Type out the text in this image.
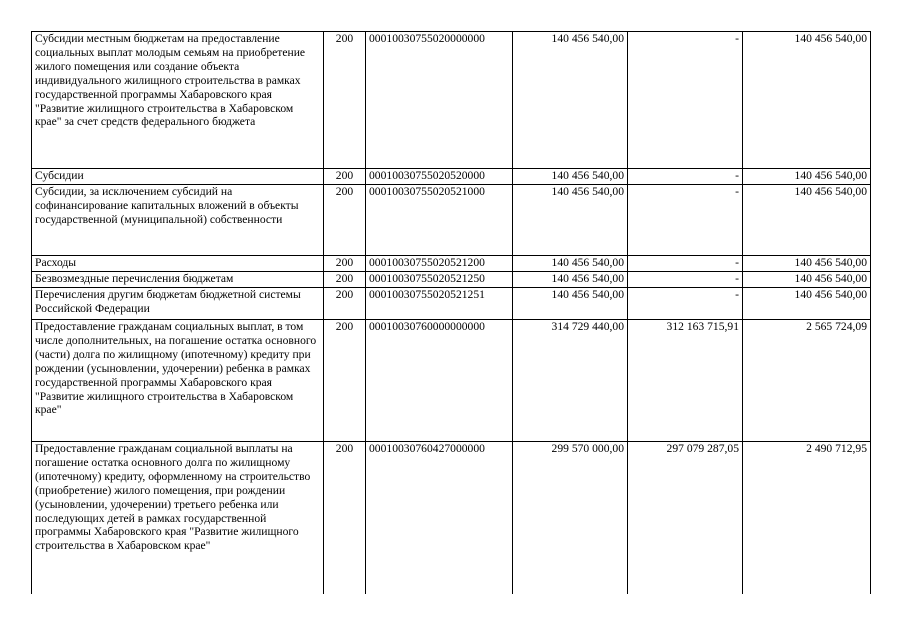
Субсидии местным бюджетам на предоставление социальных выплат молодым семьям на приобретение жилого помещения или создание объекта индивидуального жилищного строительства в рамках государственной программы Хабаровского края "Развитие жилищного строительства в Хабаровском крае" за счет средств федерального бюджета	200	00010030755020000000	140 456 540,00	-	140 456 540,00
Субсидии	200	00010030755020520000	140 456 540,00	-	140 456 540,00
Субсидии, за исключением субсидий на софинансирование капитальных вложений в объекты государственной (муниципальной) собственности	200	00010030755020521000	140 456 540,00	-	140 456 540,00
Расходы	200	00010030755020521200	140 456 540,00	-	140 456 540,00
Безвозмездные перечисления бюджетам	200	00010030755020521250	140 456 540,00	-	140 456 540,00
Перечисления другим бюджетам бюджетной системы Российской Федерации	200	00010030755020521251	140 456 540,00	-	140 456 540,00
Предоставление гражданам социальных выплат, в том числе дополнительных, на погашение остатка основного (части) долга по жилищному (ипотечному) кредиту при рождении (усыновлении, удочерении) ребенка в рамках государственной программы Хабаровского края "Развитие жилищного строительства в Хабаровском крае"	200	00010030760000000000	314 729 440,00	312 163 715,91	2 565 724,09
Предоставление гражданам социальной выплаты на погашение остатка основного долга по жилищному (ипотечному) кредиту, оформленному на строительство (приобретение) жилого помещения, при рождении (усыновлении, удочерении) третьего ребенка или последующих детей в рамках государственной программы Хабаровского края "Развитие жилищного строительства в Хабаровском крае"	200	00010030760427000000	299 570 000,00	297 079 287,05	2 490 712,95
